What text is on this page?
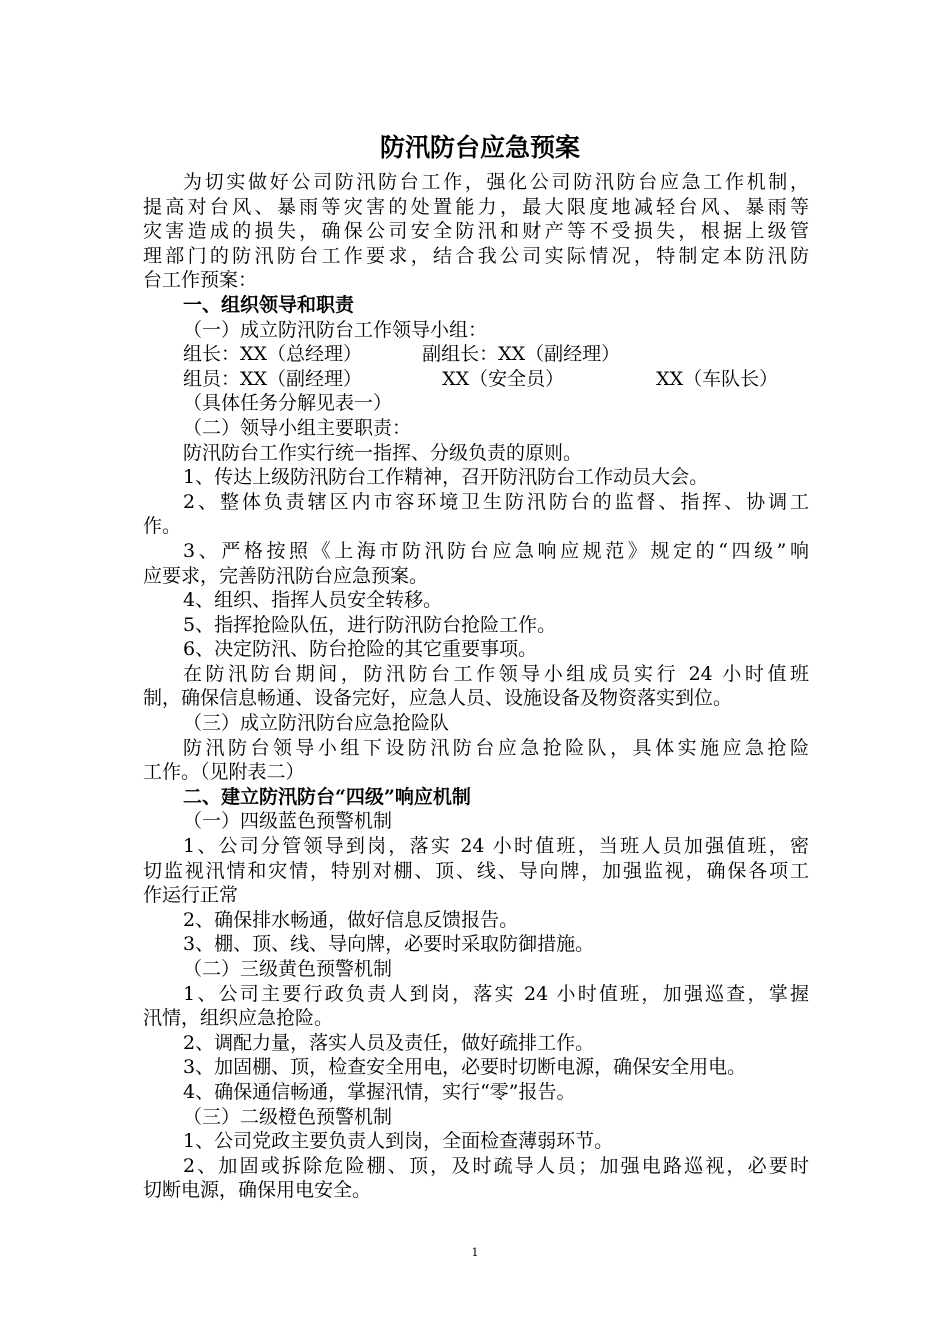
防汛防台应急预案
为切实做好公司防汛防台工作，强化公司防汛防台应急工作机制，
提高对台风、暴雨等灾害的处置能力，最大限度地减轻台风、暴雨等
灾害造成的损失，确保公司安全防汛和财产等不受损失，根据上级管
理部门的防汛防台工作要求，结合我公司实际情况，特制定本防汛防
台工作预案：
一、组织领导和职责
（一）成立防汛防台工作领导小组：
组长：XX（总经理）	副组长：XX（副经理）
组员：XX（副经理）	XX（安全员）	XX（车队长）
（具体任务分解见表一）
（二）领导小组主要职责：
防汛防台工作实行统一指挥、分级负责的原则。
1、传达上级防汛防台工作精神，召开防汛防台工作动员大会。
2、整体负责辖区内市容环境卫生防汛防台的监督、指挥、协调工
作。
3、严格按照《上海市防汛防台应急响应规范》规定的“四级”响
应要求，完善防汛防台应急预案。
4、组织、指挥人员安全转移。
5、指挥抢险队伍，进行防汛防台抢险工作。
6、决定防汛、防台抢险的其它重要事项。
在防汛防台期间，防汛防台工作领导小组成员实行 24 小时值班
制，确保信息畅通、设备完好，应急人员、设施设备及物资落实到位。
（三）成立防汛防台应急抢险队
防汛防台领导小组下设防汛防台应急抢险队，具体实施应急抢险
工作。（见附表二）
二、建立防汛防台“四级”响应机制
（一）四级蓝色预警机制
1、公司分管领导到岗，落实 24 小时值班，当班人员加强值班，密
切监视汛情和灾情，特别对棚、顶、线、导向牌，加强监视，确保各项工
作运行正常
2、确保排水畅通，做好信息反馈报告。
3、棚、顶、线、导向牌，必要时采取防御措施。
（二）三级黄色预警机制
1、公司主要行政负责人到岗，落实 24 小时值班，加强巡查，掌握
汛情，组织应急抢险。
2、调配力量，落实人员及责任，做好疏排工作。
3、加固棚、顶，检查安全用电，必要时切断电源，确保安全用电。
4、确保通信畅通，掌握汛情，实行“零”报告。
（三）二级橙色预警机制
1、公司党政主要负责人到岗，全面检查薄弱环节。
2、加固或拆除危险棚、顶，及时疏导人员；加强电路巡视，必要时
切断电源，确保用电安全。
1
